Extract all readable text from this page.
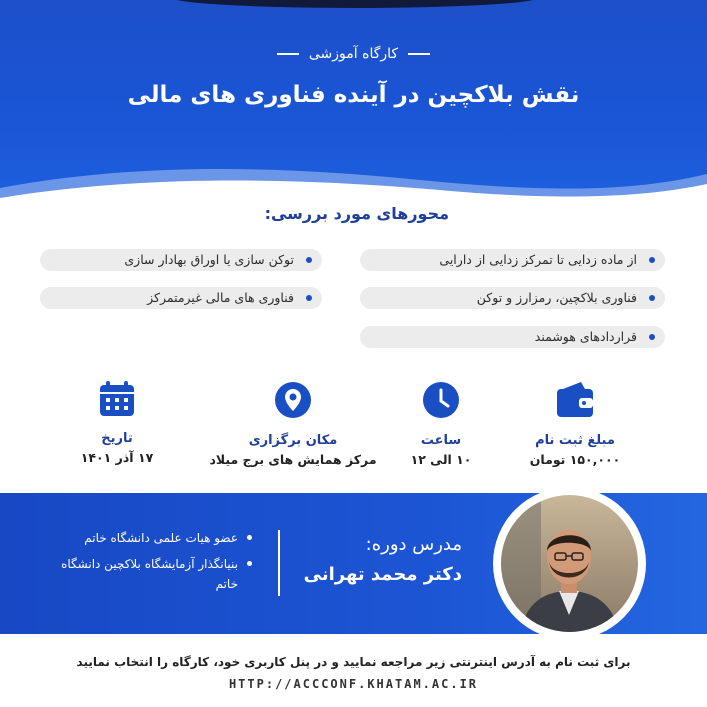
کارگاه آموزشی
نقش بلاکچین در آینده فناوری های مالی
محورهای مورد بررسی:
از ماده زدایی تا تمرکز زدایی از دارایی
فناوری بلاکچین، رمزارز و توکن
قراردادهای هوشمند
توکن سازی یا اوراق بهادار سازی
فناوری های مالی غیرمتمرکز
مبلغ ثبت نام
۱۵۰,۰۰۰ تومان
ساعت
۱۰ الی ۱۲
مکان برگزاری
مرکز همایش های برج میلاد
تاریخ
۱۷ آذر ۱۴۰۱
مدرس دوره:
دکتر محمد تهرانی
عضو هیات علمی دانشگاه خاتم
بنیانگذار آزمایشگاه بلاکچین دانشگاه خاتم
برای ثبت نام به آدرس اینترنتی زیر مراجعه نمایید و در پنل کاربری خود، کارگاه را انتخاب نمایید
HTTP://ACCCONF.KHATAM.AC.IR
